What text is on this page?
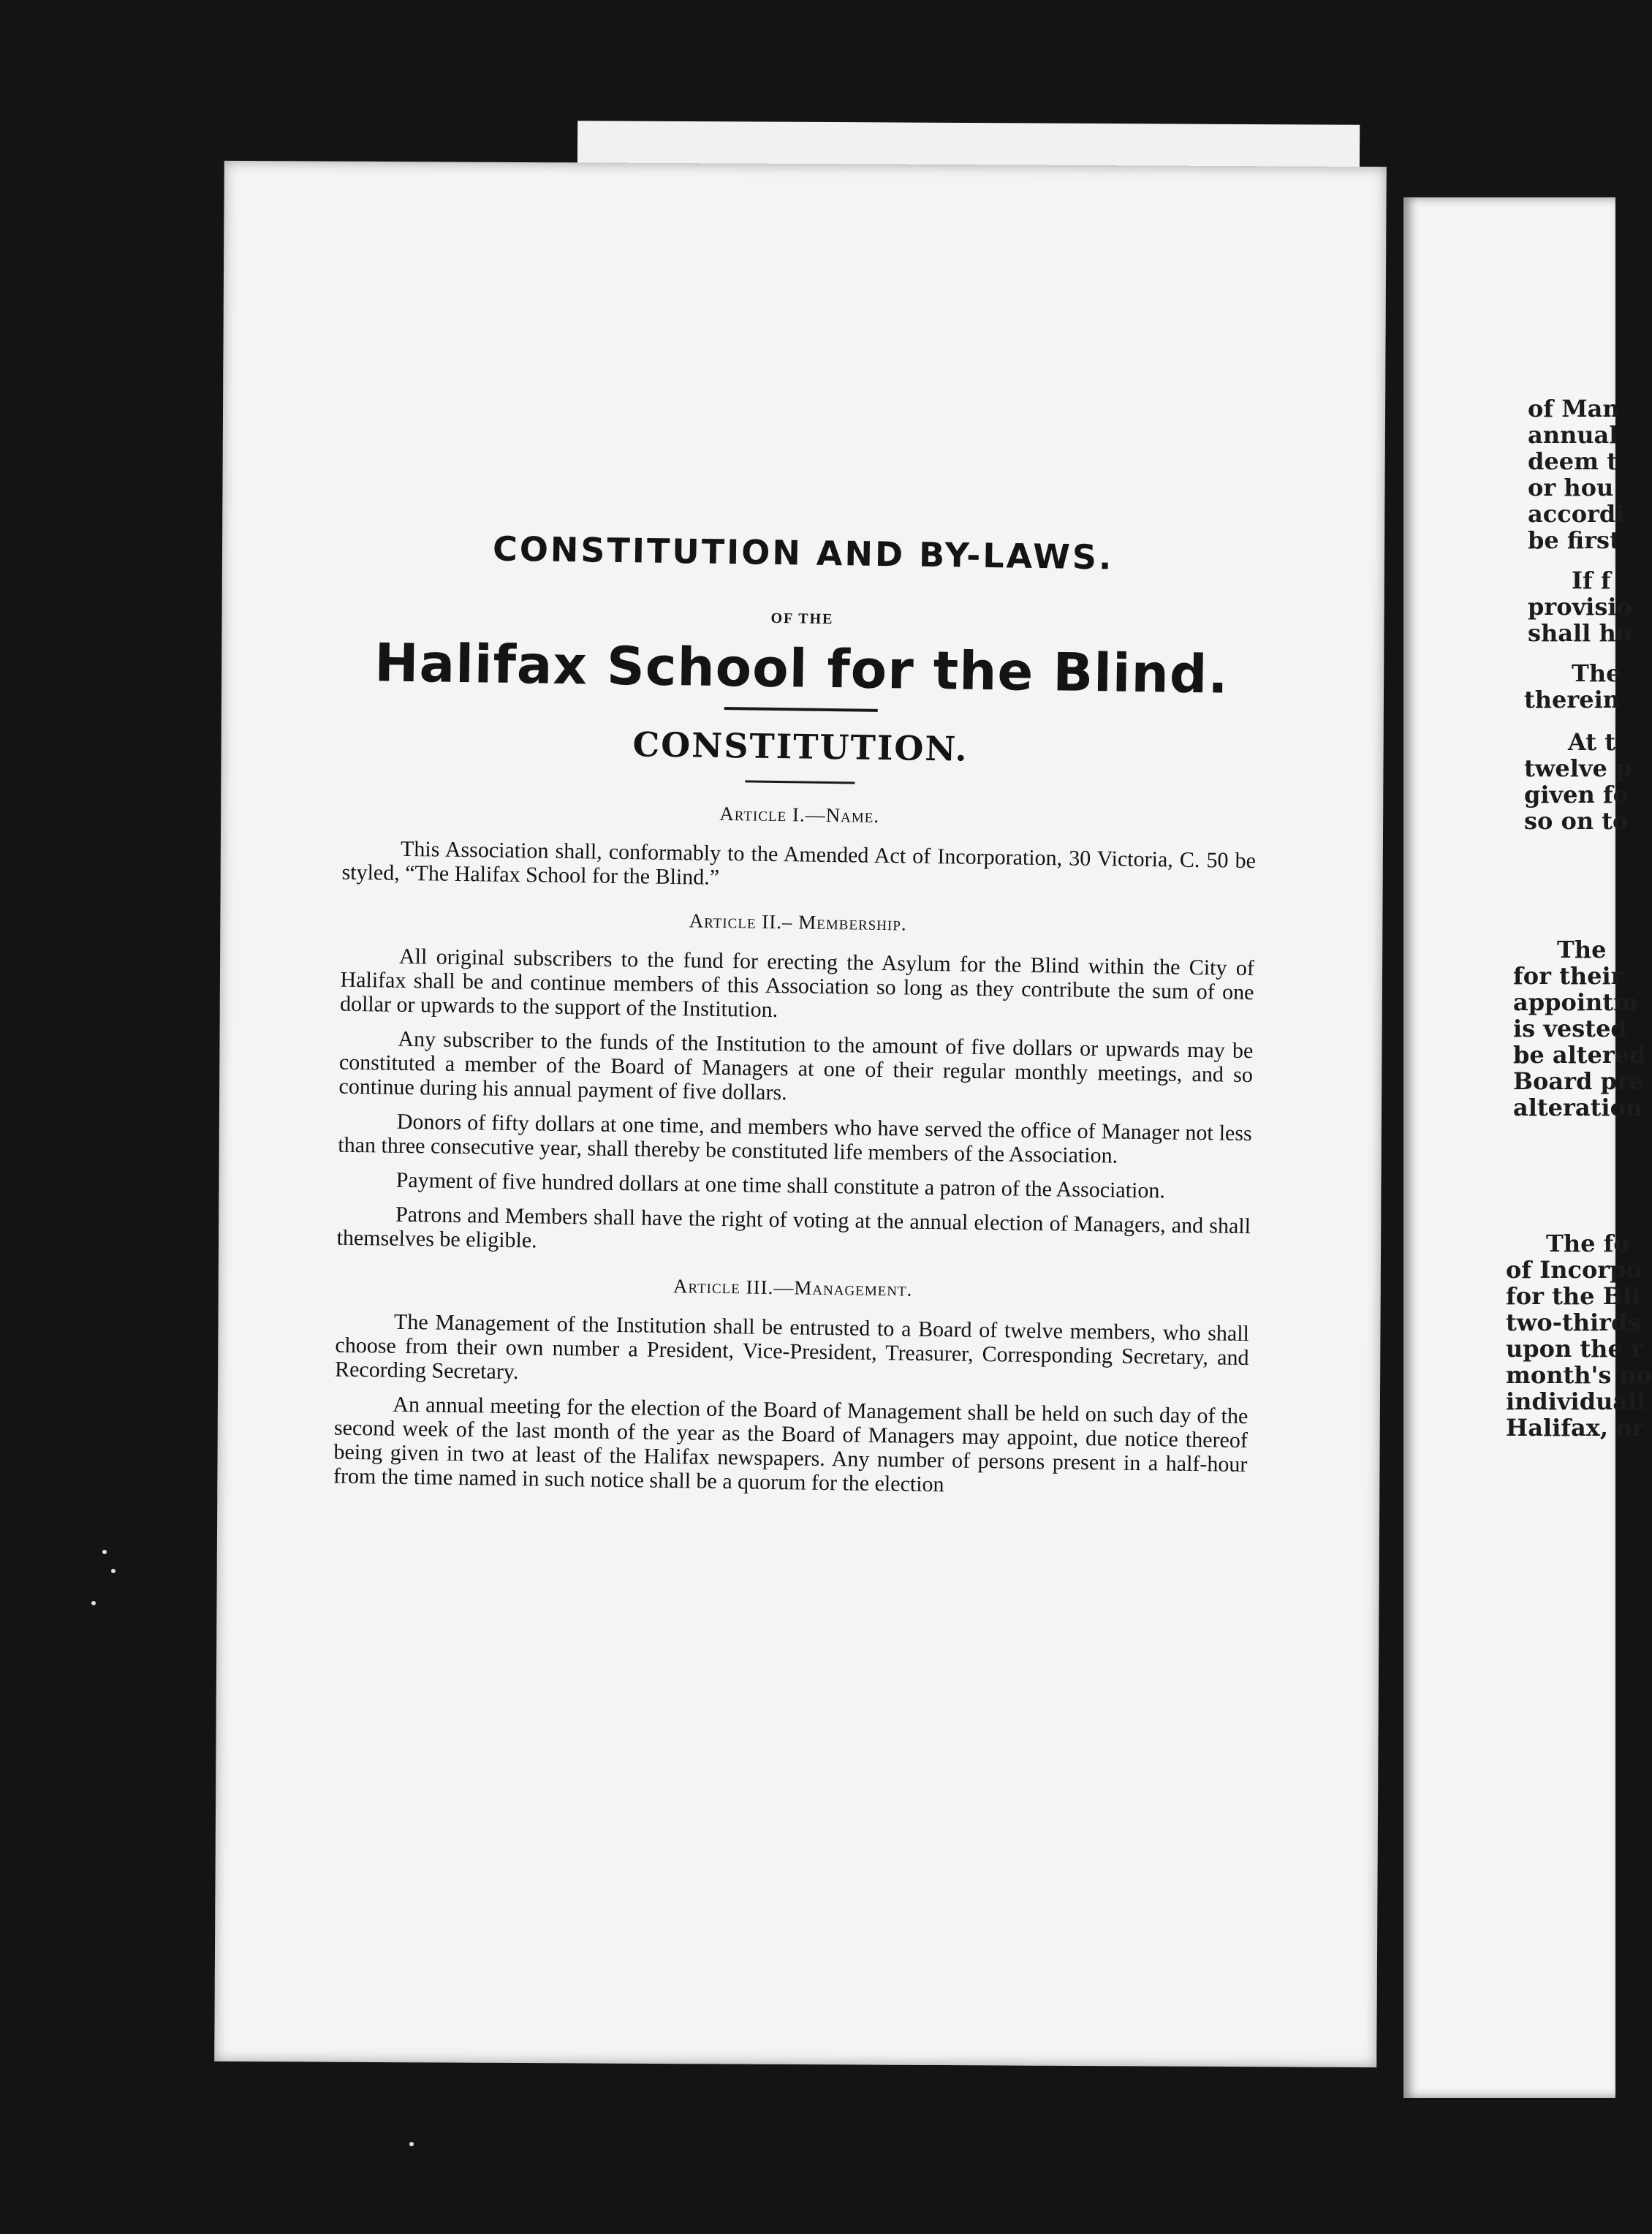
CONSTITUTION AND BY-LAWS.

OF THE

Halifax School for the Blind.
CONSTITUTION.
Article I.—Name.

This Association shall, conformably to the Amended Act of Incorporation, 30 Victoria, C. 50 be styled, “The Halifax School for the Blind.”

Article II.– Membership.

All original subscribers to the fund for erecting the Asylum for the Blind within the City of Halifax shall be and continue members of this Association so long as they contribute the sum of one dollar or upwards to the support of the Institution.

Any subscriber to the funds of the Institution to the amount of five dollars or upwards may be constituted a member of the Board of Managers at one of their regular monthly meetings, and so continue during his annual payment of five dollars.

Donors of fifty dollars at one time, and members who have served the office of Manager not less than three consecutive year, shall thereby be constituted life members of the Association.

Payment of five hundred dollars at one time shall constitute a patron of the Association.

Patrons and Members shall have the right of voting at the annual election of Managers, and shall themselves be eligible.

Article III.—Management.

The Management of the Institution shall be entrusted to a Board of twelve members, who shall choose from their own number a President, Vice-President, Treasurer, Corresponding Secretary, and Recording Secretary.

An annual meeting for the election of the Board of Management shall be held on such day of the second week of the last month of the year as the Board of Managers may appoint, due notice thereof being given in two at least of the Halifax newspapers. Any number of persons present in a half-hour from the time named in such notice shall be a quorum for the election

of Man
annual
deem t
or hou
accordi
be first
If f
provisio
shall ho
The
therein
At t
twelve p
given fo
so on to
The
for their
appointm
is vested
be altered
Board pre
alteration
The fo
of Incorpo
for the Bli
two-thirds
upon the r
month's no
individuall
Halifax, or
